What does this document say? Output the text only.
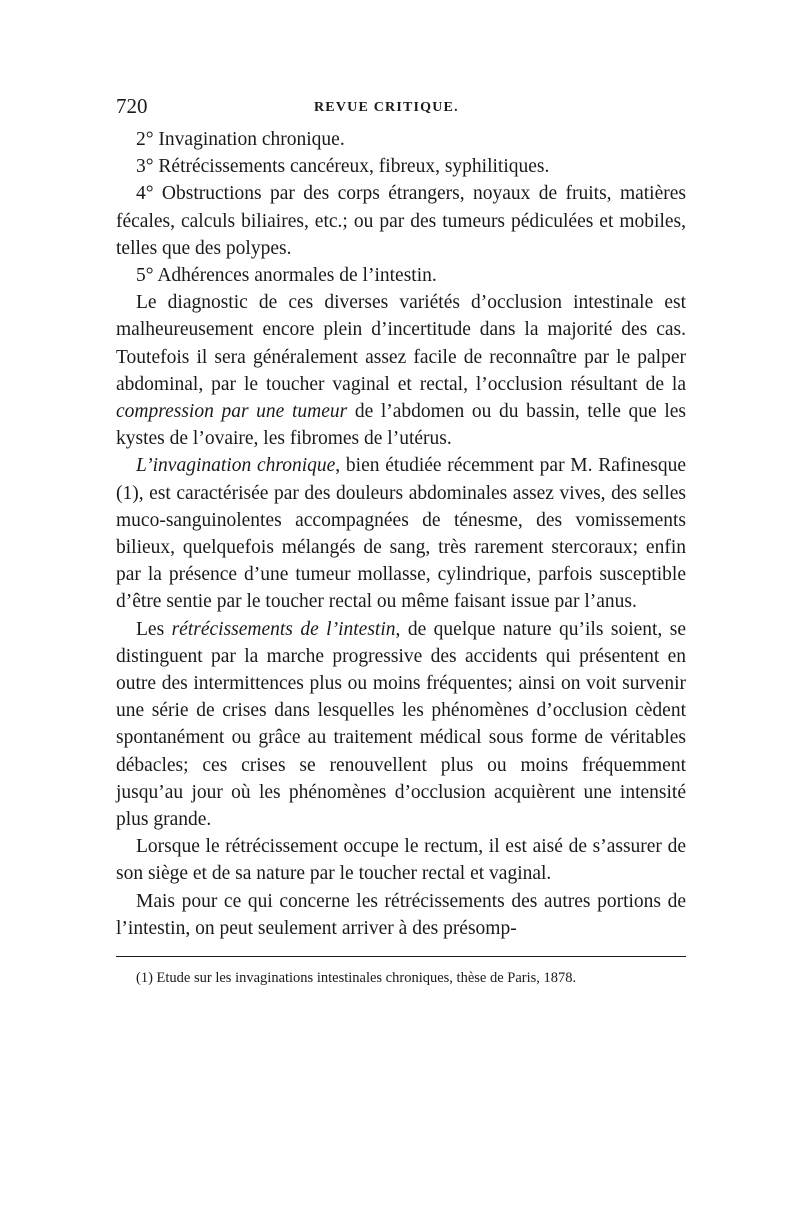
720	REVUE CRITIQUE.

2° Invagination chronique.

3° Rétrécissements cancéreux, fibreux, syphilitiques.

4° Obstructions par des corps étrangers, noyaux de fruits, matières fécales, calculs biliaires, etc.; ou par des tumeurs pédiculées et mobiles, telles que des polypes.

5° Adhérences anormales de l’intestin.

Le diagnostic de ces diverses variétés d’occlusion intestinale est malheureusement encore plein d’incertitude dans la majorité des cas. Toutefois il sera généralement assez facile de reconnaître par le palper abdominal, par le toucher vaginal et rectal, l’occlusion résultant de la compression par une tumeur de l’abdomen ou du bassin, telle que les kystes de l’ovaire, les fibromes de l’utérus.

L’invagination chronique, bien étudiée récemment par M. Rafinesque (1), est caractérisée par des douleurs abdominales assez vives, des selles muco-sanguinolentes accompagnées de ténesme, des vomissements bilieux, quelquefois mélangés de sang, très rarement stercoraux; enfin par la présence d’une tumeur mollasse, cylindrique, parfois susceptible d’être sentie par le toucher rectal ou même faisant issue par l’anus.

Les rétrécissements de l’intestin, de quelque nature qu’ils soient, se distinguent par la marche progressive des accidents qui présentent en outre des intermittences plus ou moins fréquentes; ainsi on voit survenir une série de crises dans lesquelles les phénomènes d’occlusion cèdent spontanément ou grâce au traitement médical sous forme de véritables débacles; ces crises se renouvellent plus ou moins fréquemment jusqu’au jour où les phénomènes d’occlusion acquièrent une intensité plus grande.

Lorsque le rétrécissement occupe le rectum, il est aisé de s’assurer de son siège et de sa nature par le toucher rectal et vaginal.

Mais pour ce qui concerne les rétrécissements des autres portions de l’intestin, on peut seulement arriver à des présomp-

(1) Etude sur les invaginations intestinales chroniques, thèse de Paris, 1878.
